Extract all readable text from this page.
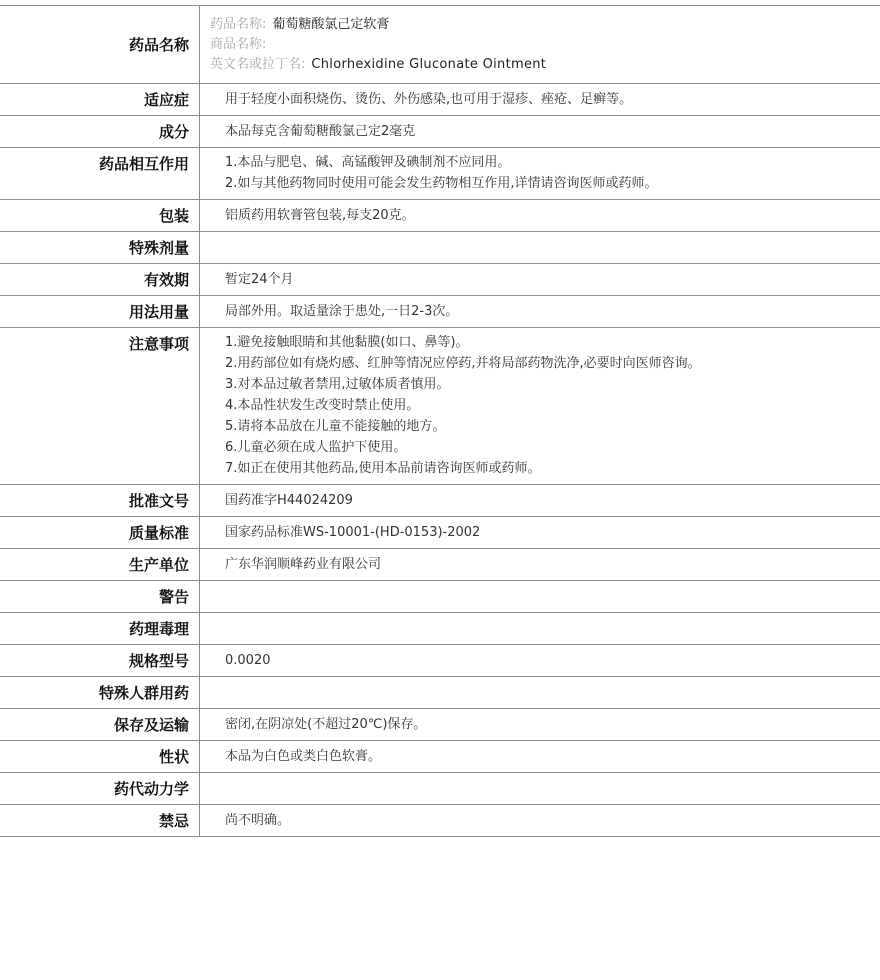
药品名称
药品名称: 葡萄糖酸氯己定软膏
商品名称:
英文名或拉丁名: Chlorhexidine Gluconate Ointment
适应症	用于轻度小面积烧伤、烫伤、外伤感染,也可用于湿疹、痤疮、足癣等。
成分	本品每克含葡萄糖酸氯己定2毫克
药品相互作用	1.本品与肥皂、碱、高锰酸钾及碘制剂不应同用。
2.如与其他药物同时使用可能会发生药物相互作用,详情请咨询医师或药师。
包装	铝质药用软膏管包装,每支20克。
特殊剂量
有效期	暂定24个月
用法用量	局部外用。取适量涂于患处,一日2-3次。
注意事项	1.避免接触眼睛和其他黏膜(如口、鼻等)。
2.用药部位如有烧灼感、红肿等情况应停药,并将局部药物洗净,必要时向医师咨询。
3.对本品过敏者禁用,过敏体质者慎用。
4.本品性状发生改变时禁止使用。
5.请将本品放在儿童不能接触的地方。
6.儿童必须在成人监护下使用。
7.如正在使用其他药品,使用本品前请咨询医师或药师。
批准文号	国药准字H44024209
质量标准	国家药品标准WS-10001-(HD-0153)-2002
生产单位	广东华润顺峰药业有限公司
警告
药理毒理
规格型号	0.0020
特殊人群用药
保存及运输	密闭,在阴凉处(不超过20℃)保存。
性状	本品为白色或类白色软膏。
药代动力学
禁忌	尚不明确。
